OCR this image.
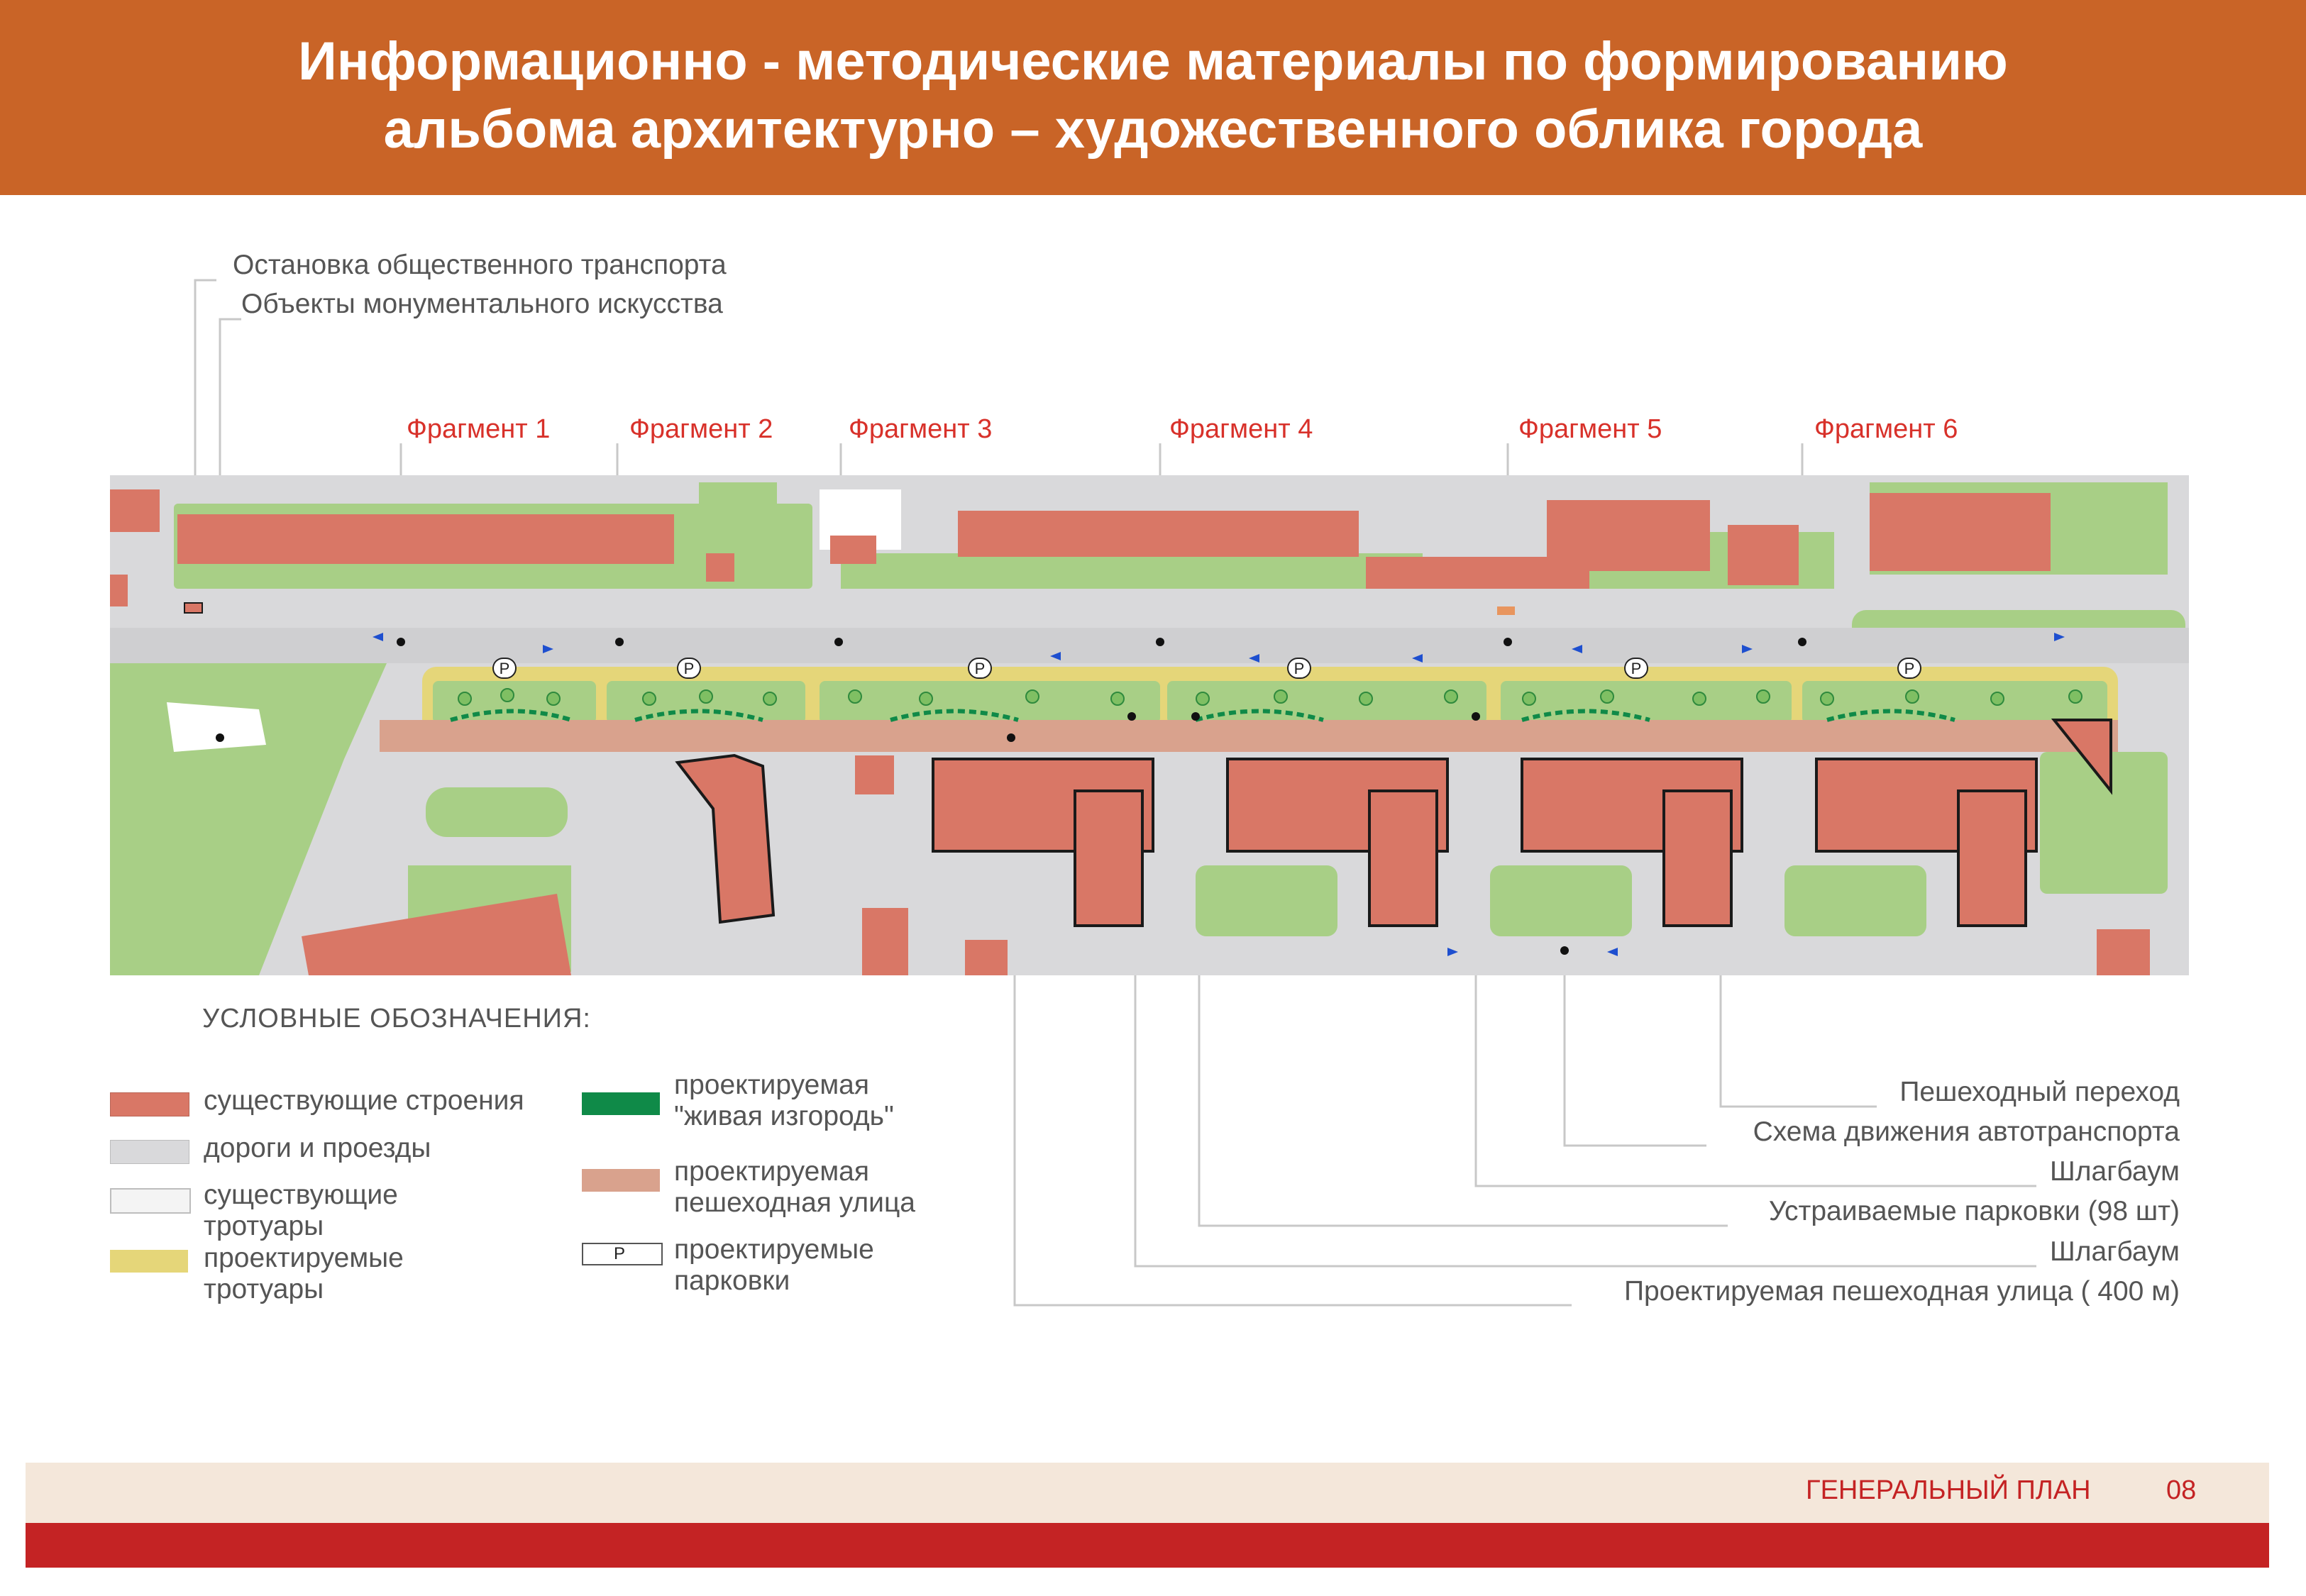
Информационно - методические материалы по формированию
альбома архитектурно – художественного облика города
Остановка общественного транспорта
Объекты монументального искусства
Фрагмент 1	Фрагмент 2	Фрагмент 3	Фрагмент 4	Фрагмент 5	Фрагмент 6
P	P	P	P	P	P
УСЛОВНЫЕ ОБОЗНАЧЕНИЯ:
существующие строения
дороги и проезды
существующие
тротуары
проектируемые
тротуары
проектируемая
"живая изгородь"
проектируемая
пешеходная улица
P проектируемые
парковки
Пешеходный переход
Схема движения автотранспорта
Шлагбаум
Устраиваемые парковки (98 шт)
Шлагбаум
Проектируемая пешеходная улица ( 400 м)
ГЕНЕРАЛЬНЫЙ ПЛАН	08
